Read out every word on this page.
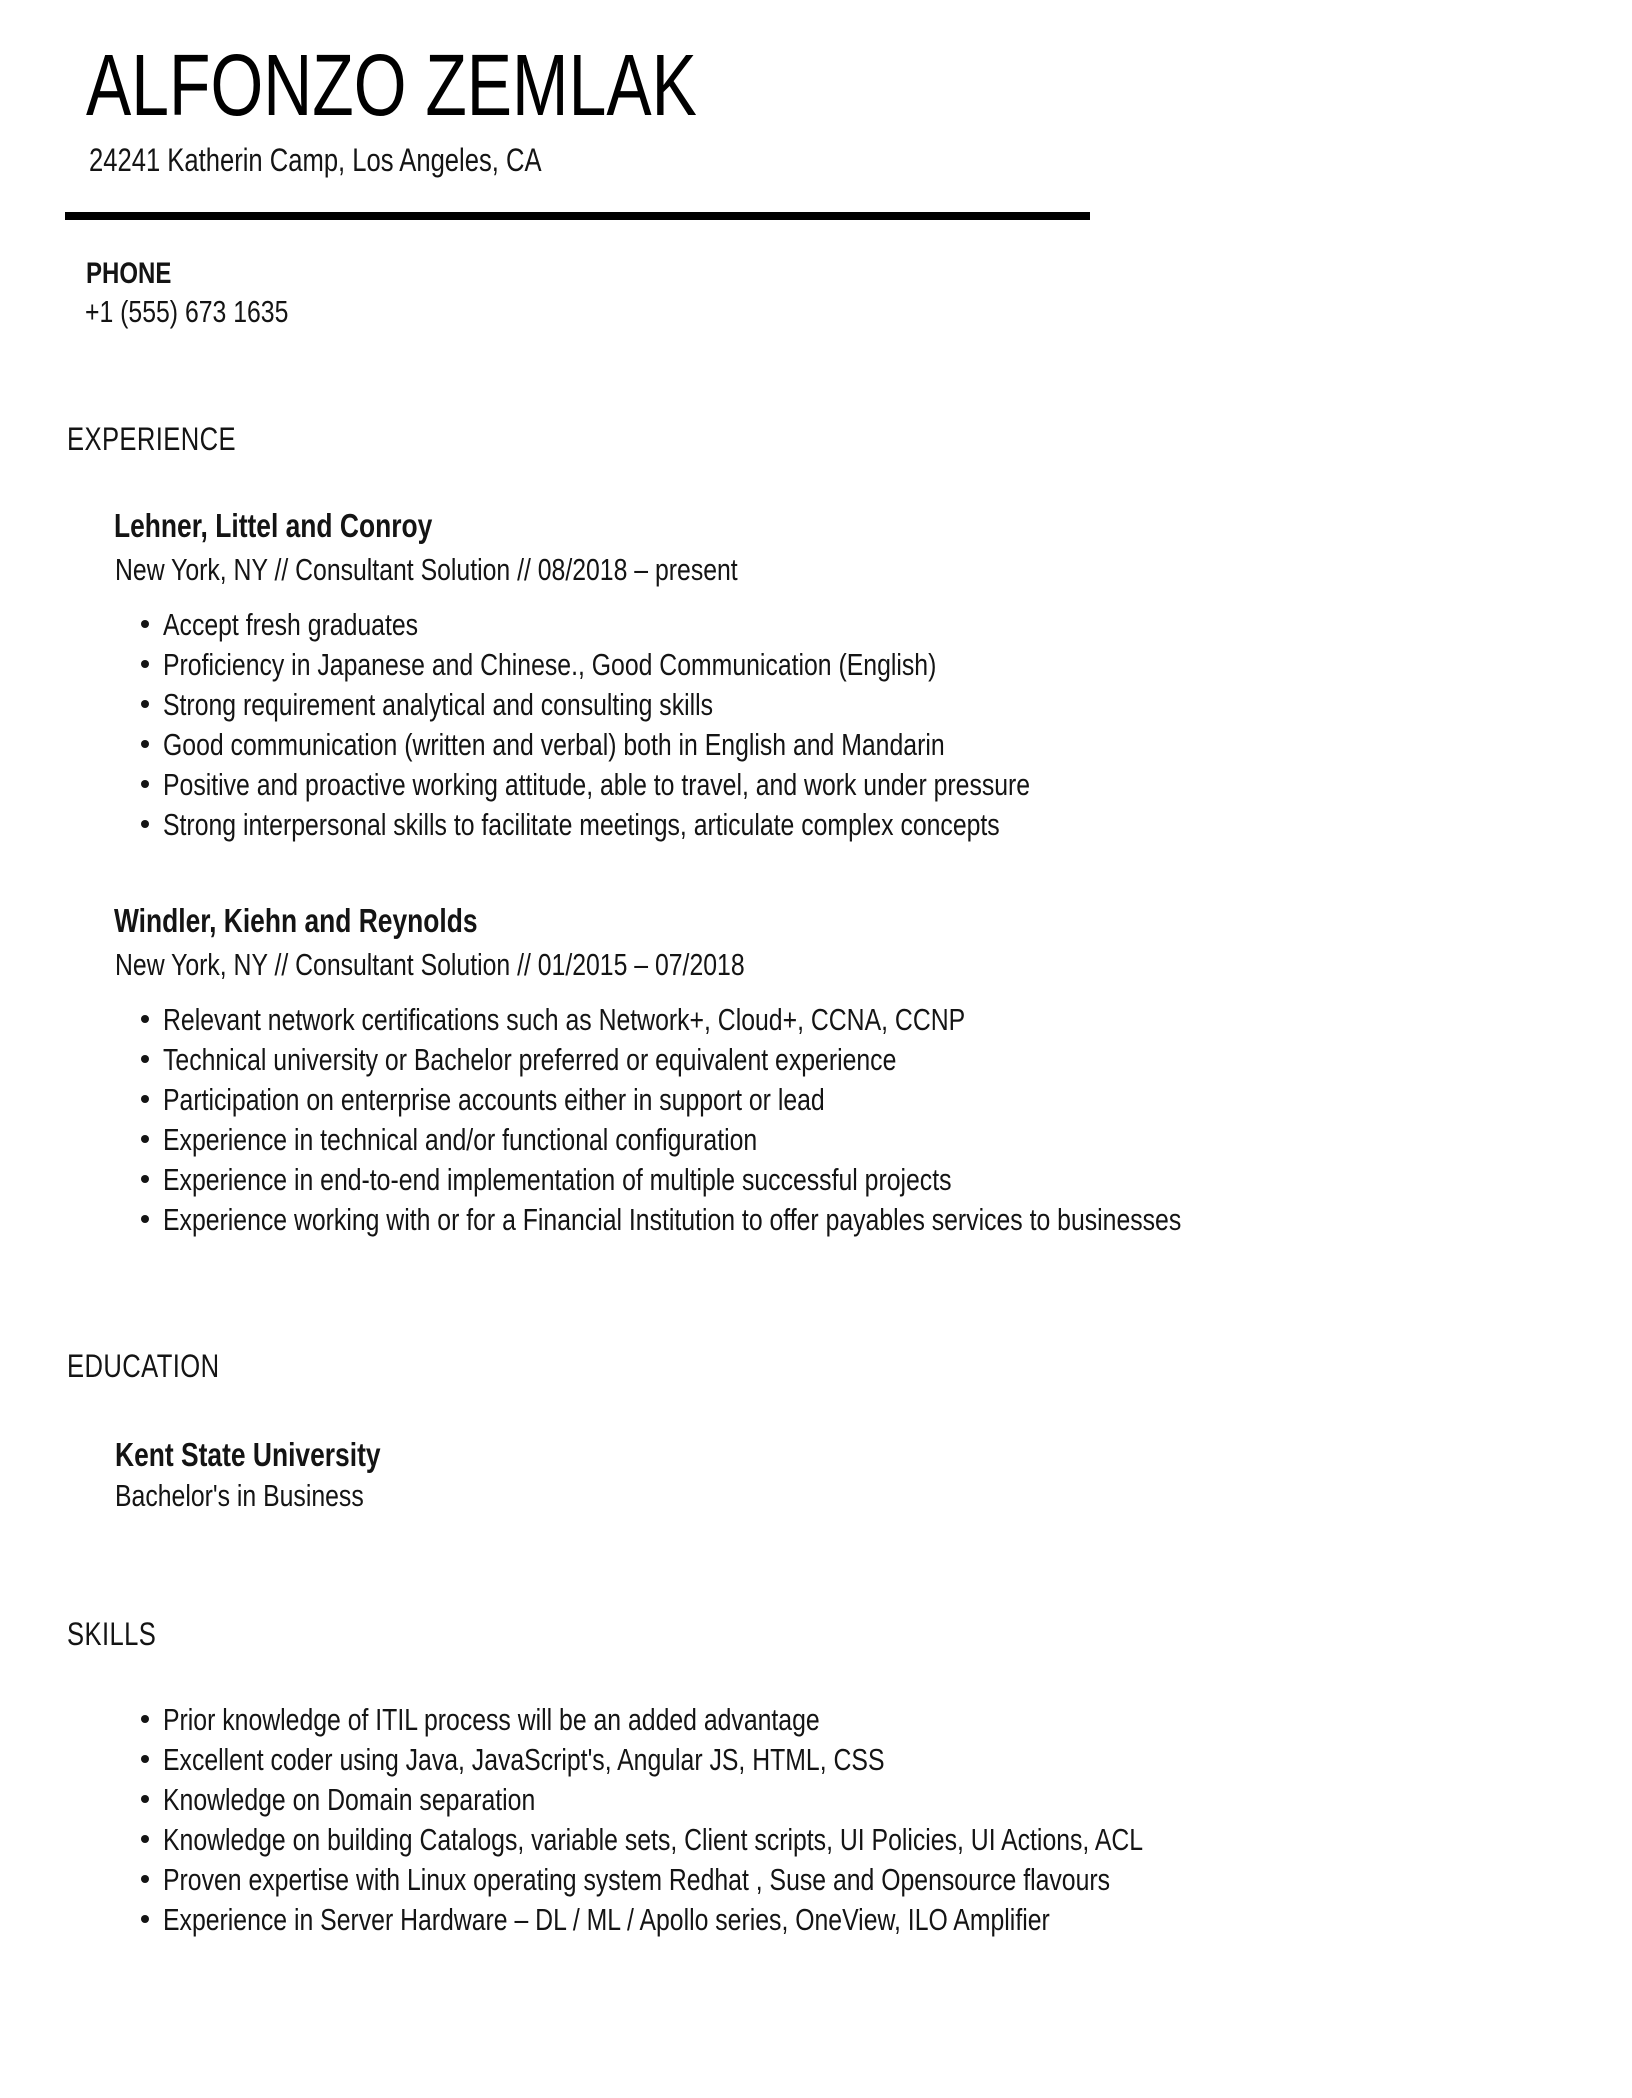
ALFONZO ZEMLAK
24241 Katherin Camp, Los Angeles, CA
PHONE
+1 (555) 673 1635
EXPERIENCE
Lehner, Littel and Conroy
New York, NY // Consultant Solution // 08/2018 – present
Accept fresh graduates
Proficiency in Japanese and Chinese., Good Communication (English)
Strong requirement analytical and consulting skills
Good communication (written and verbal) both in English and Mandarin
Positive and proactive working attitude, able to travel, and work under pressure
Strong interpersonal skills to facilitate meetings, articulate complex concepts
Windler, Kiehn and Reynolds
New York, NY // Consultant Solution // 01/2015 – 07/2018
Relevant network certifications such as Network+, Cloud+, CCNA, CCNP
Technical university or Bachelor preferred or equivalent experience
Participation on enterprise accounts either in support or lead
Experience in technical and/or functional configuration
Experience in end-to-end implementation of multiple successful projects
Experience working with or for a Financial Institution to offer payables services to businesses
EDUCATION
Kent State University
Bachelor's in Business
SKILLS
Prior knowledge of ITIL process will be an added advantage
Excellent coder using Java, JavaScript's, Angular JS, HTML, CSS
Knowledge on Domain separation
Knowledge on building Catalogs, variable sets, Client scripts, UI Policies, UI Actions, ACL
Proven expertise with Linux operating system Redhat , Suse and Opensource flavours
Experience in Server Hardware – DL / ML / Apollo series, OneView, ILO Amplifier
